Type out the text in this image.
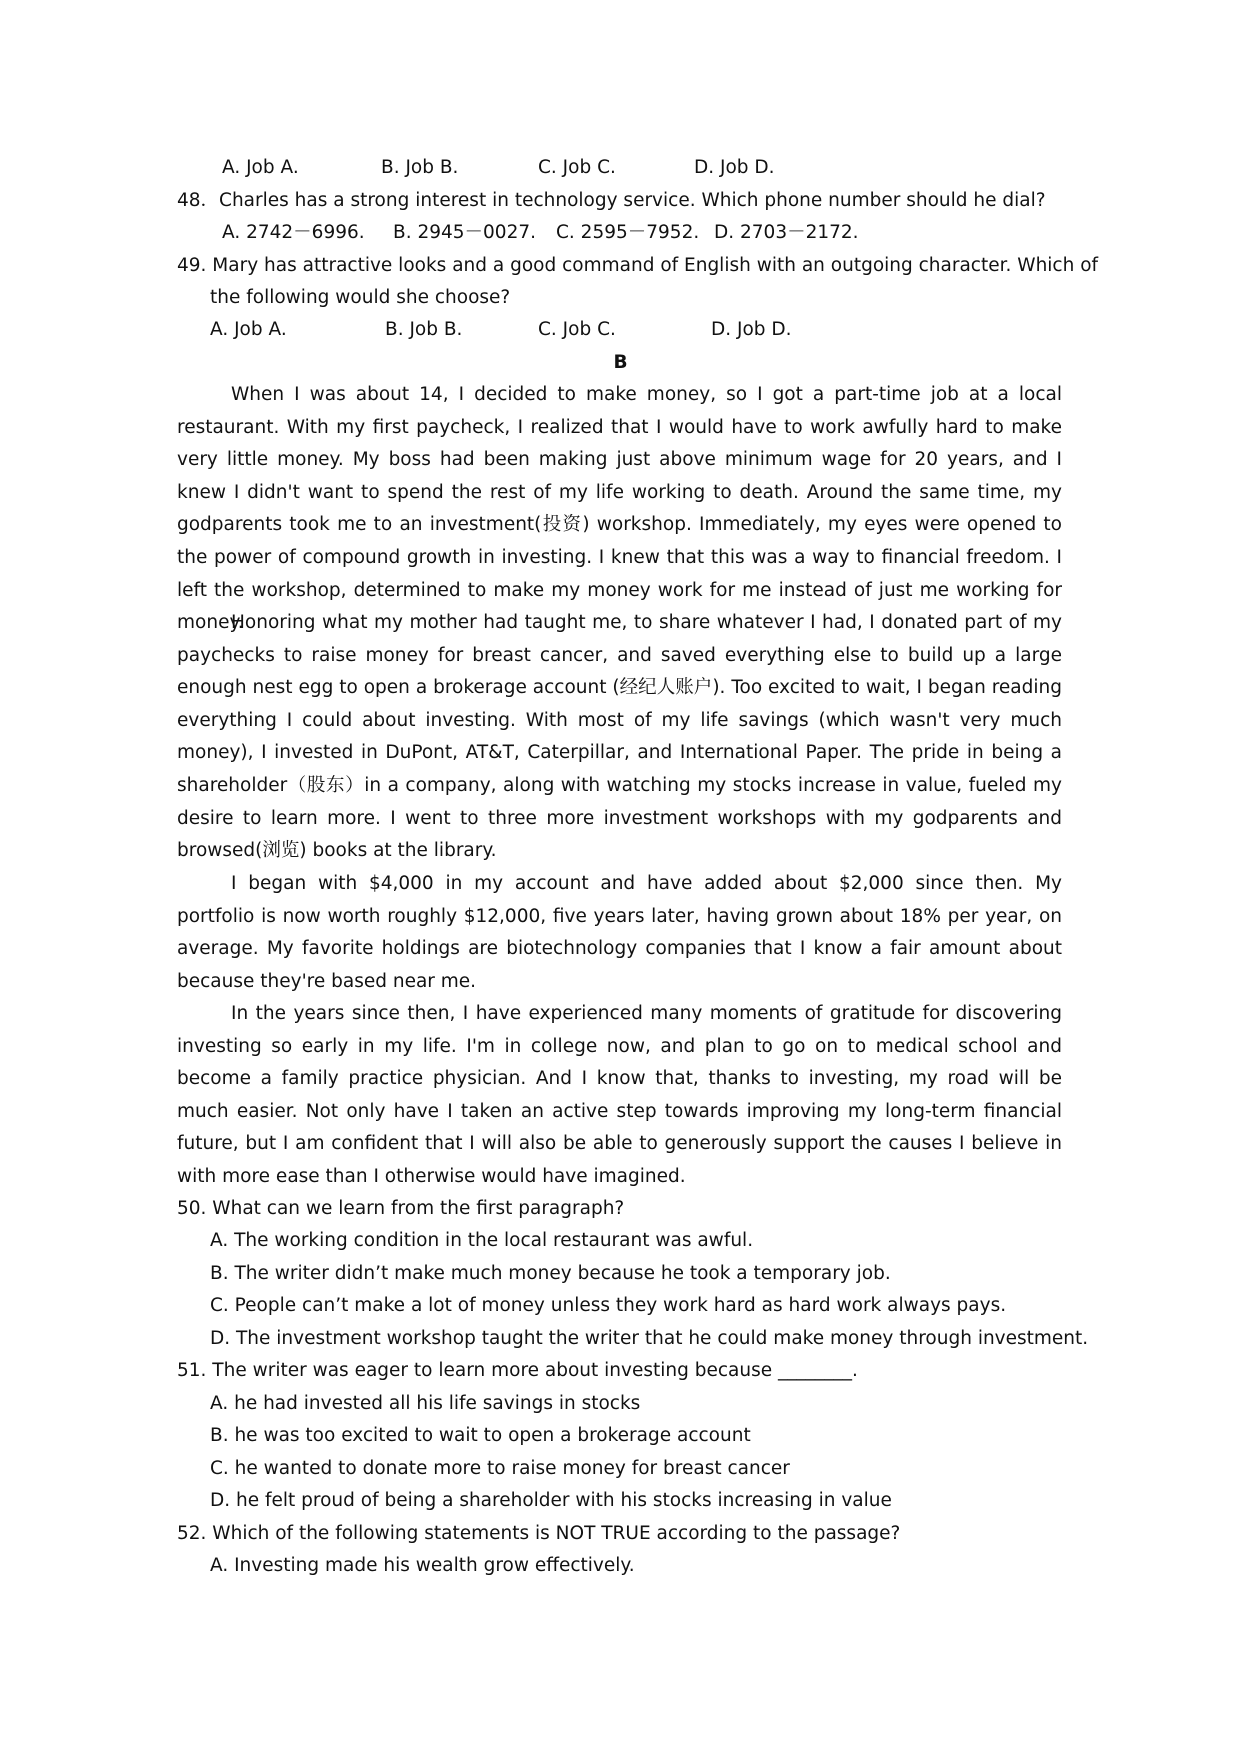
A. Job A.	B. Job B.	C. Job C.	D. Job D.
48．Charles has a strong interest in technology service. Which phone number should he dial?
A. 2742－6996. B. 2945－0027. C. 2595－7952. D. 2703－2172.
49. Mary has attractive looks and a good command of English with an outgoing character. Which of
the following would she choose?
A. Job A.	B. Job B.	C. Job C.	D. Job D.
B

When I was about 14, I decided to make money, so I got a part-time job at a local restaurant. With my first paycheck, I realized that I would have to work awfully hard to make very little money. My boss had been making just above minimum wage for 20 years, and I knew I didn't want to spend the rest of my life working to death. Around the same time, my godparents took me to an investment(投资) workshop. Immediately, my eyes were opened to the power of compound growth in investing. I knew that this was a way to financial freedom. I left the workshop, determined to make my money work for me instead of just me working for money.

Honoring what my mother had taught me, to share whatever I had, I donated part of my paychecks to raise money for breast cancer, and saved everything else to build up a large enough nest egg to open a brokerage account (经纪人账户). Too excited to wait, I began reading everything I could about investing. With most of my life savings (which wasn't very much money), I invested in DuPont, AT&T, Caterpillar, and International Paper. The pride in being a shareholder（股东）in a company, along with watching my stocks increase in value, fueled my desire to learn more. I went to three more investment workshops with my godparents and browsed(浏览) books at the library.

I began with $4,000 in my account and have added about $2,000 since then. My portfolio is now worth roughly $12,000, five years later, having grown about 18% per year, on average. My favorite holdings are biotechnology companies that I know a fair amount about because they're based near me.

In the years since then, I have experienced many moments of gratitude for discovering investing so early in my life. I'm in college now, and plan to go on to medical school and become a family practice physician. And I know that, thanks to investing, my road will be much easier. Not only have I taken an active step towards improving my long-term financial future, but I am confident that I will also be able to generously support the causes I believe in with more ease than I otherwise would have imagined.

50. What can we learn from the first paragraph?
A. The working condition in the local restaurant was awful.
B. The writer didn’t make much money because he took a temporary job.
C. People can’t make a lot of money unless they work hard as hard work always pays.
D. The investment workshop taught the writer that he could make money through investment.
51. The writer was eager to learn more about investing because ________.
A. he had invested all his life savings in stocks
B. he was too excited to wait to open a brokerage account
C. he wanted to donate more to raise money for breast cancer
D. he felt proud of being a shareholder with his stocks increasing in value
52. Which of the following statements is NOT TRUE according to the passage?
A. Investing made his wealth grow effectively.
